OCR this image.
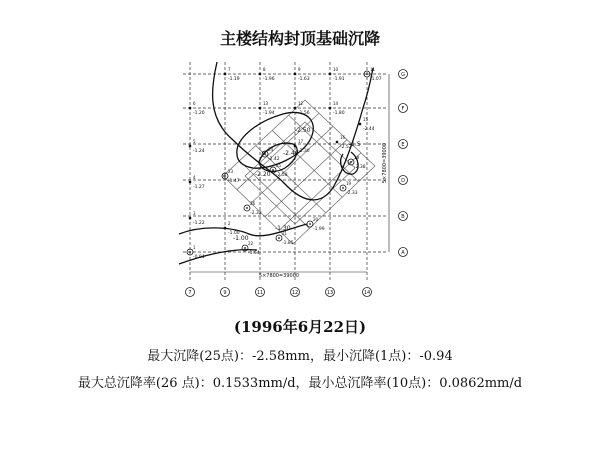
主楼结构封顶基础沉降
7	9	11	12	13	14
G
F
E
D
B
A
-2.40
-2.20
-2.50
-1.30
-1.00
-1.5
1
-0.94
2
-1.00
3
-1.22
4
-1.27
5
-1.24
6
-1.20
7
-1.19
8
-1.96
9
-1.63
10
-1.91
11
-1.07
12
-1.56
13
-1.94
14
-1.80
15
-2.44
16
-2.52
17
-2.30
18
-2.38
19
-2.33
20
-1.99
21
-1.85
22
-1.64
23
-1.47
24
-2.42
25
-2.58
26
-2.33
5×7800=39000
5×7800=39000
(1996年6月22日)
最大沉降(25点)：-2.58mm，最小沉降(1点)：-0.94
最大总沉降率(26 点)：0.1533mm/d，最小总沉降率(10点)：0.0862mm/d
